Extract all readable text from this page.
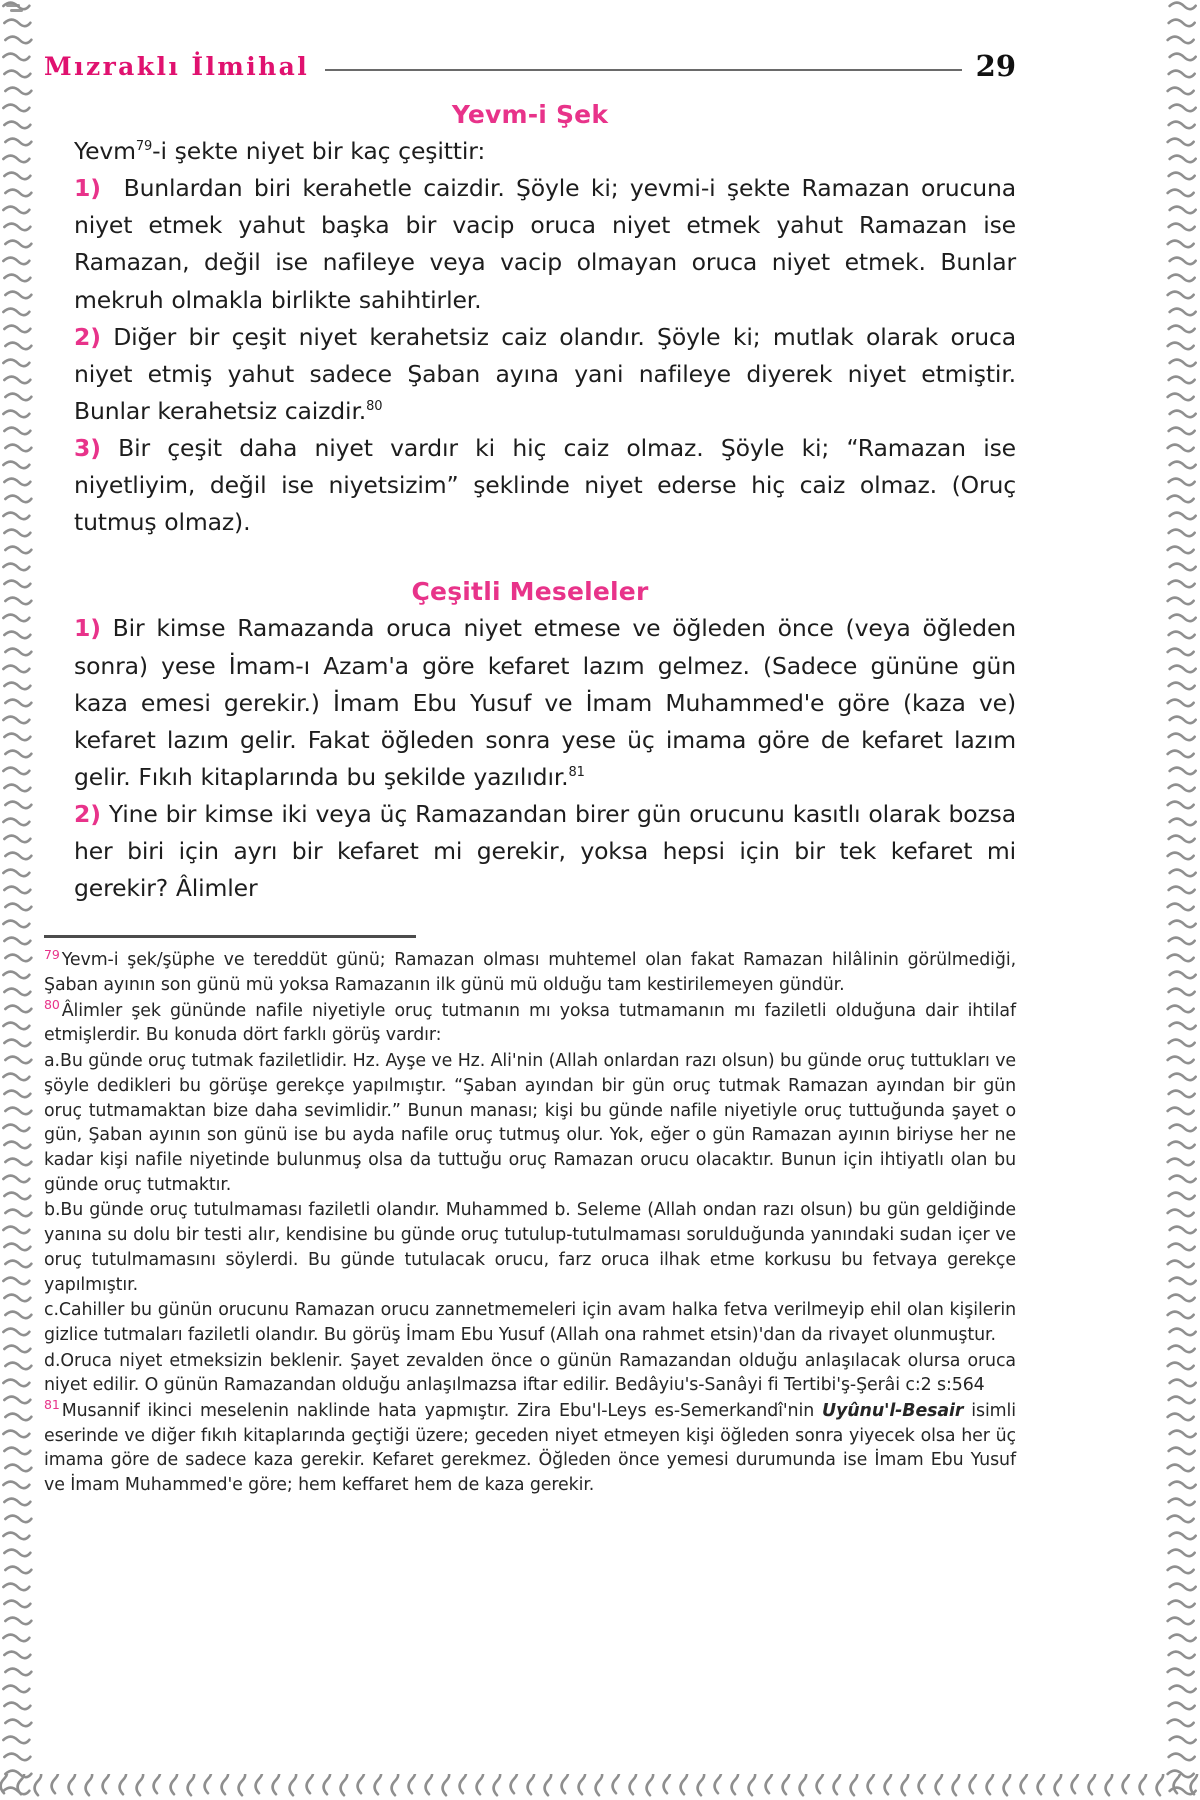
Mızraklı İlmihal	29
Yevm-i Şek

Yevm$^{79}$-i şekte niyet bir kaç çeşittir:

1) Bunlardan biri kerahetle caizdir. Şöyle ki; yevmi-i şekte Ramazan orucuna niyet etmek yahut başka bir vacip oruca niyet etmek yahut Ramazan ise Ramazan, değil ise nafileye veya vacip olmayan oruca niyet etmek. Bunlar mekruh olmakla birlikte sahihtirler.

2) Diğer bir çeşit niyet kerahetsiz caiz olandır. Şöyle ki; mutlak olarak oruca niyet etmiş yahut sadece Şaban ayına yani nafileye diyerek niyet etmiştir. Bunlar kerahetsiz caizdir.$^{80}$

3) Bir çeşit daha niyet vardır ki hiç caiz olmaz. Şöyle ki; “Ramazan ise niyetliyim, değil ise niyetsizim” şeklinde niyet ederse hiç caiz olmaz. (Oruç tutmuş olmaz).

Çeşitli Meseleler

1) Bir kimse Ramazanda oruca niyet etmese ve öğleden önce (veya öğleden sonra) yese İmam-ı Azam'a göre kefaret lazım gelmez. (Sadece gününe gün kaza emesi gerekir.) İmam Ebu Yusuf ve İmam Muhammed'e göre (kaza ve) kefaret lazım gelir. Fakat öğleden sonra yese üç imama göre de kefaret lazım gelir. Fıkıh kitaplarında bu şekilde yazılıdır.$^{81}$

2) Yine bir kimse iki veya üç Ramazandan birer gün orucunu kasıtlı olarak bozsa her biri için ayrı bir kefaret mi gerekir, yoksa hepsi için bir tek kefaret mi gerekir? Âlimler

$^{79}$ Yevm-i şek/şüphe ve tereddüt günü; Ramazan olması muhtemel olan fakat Ramazan hilâlinin görülmediği, Şaban ayının son günü mü yoksa Ramazanın ilk günü mü olduğu tam kestirilemeyen gündür.

$^{80}$ Âlimler şek gününde nafile niyetiyle oruç tutmanın mı yoksa tutmamanın mı faziletli olduğuna dair ihtilaf etmişlerdir. Bu konuda dört farklı görüş vardır:

a.Bu günde oruç tutmak faziletlidir. Hz. Ayşe ve Hz. Ali'nin (Allah onlardan razı olsun) bu günde oruç tuttukları ve şöyle dedikleri bu görüşe gerekçe yapılmıştır. “Şaban ayından bir gün oruç tutmak Ramazan ayından bir gün oruç tutmamaktan bize daha sevimlidir.” Bunun manası; kişi bu günde nafile niyetiyle oruç tuttuğunda şayet o gün, Şaban ayının son günü ise bu ayda nafile oruç tutmuş olur. Yok, eğer o gün Ramazan ayının biriyse her ne kadar kişi nafile niyetinde bulunmuş olsa da tuttuğu oruç Ramazan orucu olacaktır. Bunun için ihtiyatlı olan bu günde oruç tutmaktır.

b.Bu günde oruç tutulmaması faziletli olandır. Muhammed b. Seleme (Allah ondan razı olsun) bu gün geldiğinde yanına su dolu bir testi alır, kendisine bu günde oruç tutulup-tutulmaması sorulduğunda yanındaki sudan içer ve oruç tutulmamasını söylerdi. Bu günde tutulacak orucu, farz oruca ilhak etme korkusu bu fetvaya gerekçe yapılmıştır.

c.Cahiller bu günün orucunu Ramazan orucu zannetmemeleri için avam halka fetva verilmeyip ehil olan kişilerin gizlice tutmaları faziletli olandır. Bu görüş İmam Ebu Yusuf (Allah ona rahmet etsin)'dan da rivayet olunmuştur.

d.Oruca niyet etmeksizin beklenir. Şayet zevalden önce o günün Ramazandan olduğu anlaşılacak olursa oruca niyet edilir. O günün Ramazandan olduğu anlaşılmazsa iftar edilir. Bedâyiu's-Sanâyi fi Tertibi'ş-Şerâi c:2 s:564

$^{81}$ Musannif ikinci meselenin naklinde hata yapmıştır. Zira Ebu'l-Leys es-Semerkandî'nin Uyûnu'l-Besair isimli eserinde ve diğer fıkıh kitaplarında geçtiği üzere; geceden niyet etmeyen kişi öğleden sonra yiyecek olsa her üç imama göre de sadece kaza gerekir. Kefaret gerekmez. Öğleden önce yemesi durumunda ise İmam Ebu Yusuf ve İmam Muhammed'e göre; hem keffaret hem de kaza gerekir.
